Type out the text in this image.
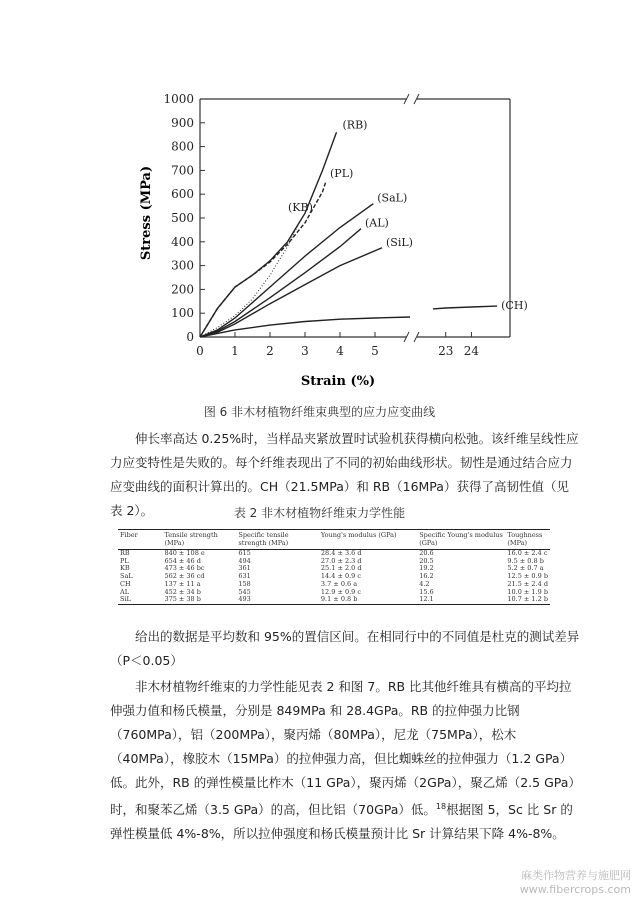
0
100
200
300
400
500
600
700
800
900
1000
0 1 2 3 4 5	23 24
(RB)
(PL)
(KB)
(SaL)
(AL)
(SiL)
(CH)
Stress (MPa)
Strain (%)
图 6 非木材植物纤维束典型的应力应变曲线

伸长率高达 0.25%时，当样品夹紧放置时试验机获得横向松弛。该纤维呈线性应力应变特性是失败的。每个纤维表现出了不同的初始曲线形状。韧性是通过结合应力应变曲线的面积计算出的。CH（21.5MPa）和 RB（16MPa）获得了高韧性值（见表 2）。	表 2 非木材植物纤维束力学性能
Fiber	Tensile strength (MPa)	Specific tensile strength (MPa)	Young's modulus (GPa)	Specific Young's modulus (GPa)	Toughness (MPa)
RB	840 ± 108 e	615	28.4 ± 3.6 d	20.6	16.0 ± 2.4 c
PL	654 ± 46 d	494	27.0 ± 2.3 d	20.5	9.5 ± 0.8 b
KB	473 ± 46 bc	361	25.1 ± 2.0 d	19.2	5.2 ± 0.7 a
SaL	562 ± 36 cd	631	14.4 ± 0.9 c	16.2	12.5 ± 0.9 b
CH	137 ± 11 a	158	3.7 ± 0.6 a	4.2	21.5 ± 2.4 d
AL	452 ± 34 b	545	12.9 ± 0.9 c	15.6	10.0 ± 1.9 b
SiL	375 ± 38 b	493	9.1 ± 0.8 b	12.1	10.7 ± 1.2 b

给出的数据是平均数和 95%的置信区间。在相同行中的不同值是杜克的测试差异（P＜0.05）

非木材植物纤维束的力学性能见表 2 和图 7。RB 比其他纤维具有横高的平均拉伸强力值和杨氏模量，分别是 849MPa 和 28.4GPa。RB 的拉伸强力比钢（760MPa），铝（200MPa），聚丙烯（80MPa），尼龙（75MPa），松木（40MPa），橡胶木（15MPa）的拉伸强力高，但比蜘蛛丝的拉伸强力（1.2 GPa）低。此外，RB 的弹性模量比柞木（11 GPa），聚丙烯（2GPa），聚乙烯（2.5 GPa）时，和聚苯乙烯（3.5 GPa）的高，但比铝（70GPa）低。$^{18}$根据图 5，Sc 比 Sr 的弹性模量低 4%-8%，所以拉伸强度和杨氏模量预计比 Sr 计算结果下降 4%-8%。

麻类作物营养与施肥网
www.fibercrops.com
